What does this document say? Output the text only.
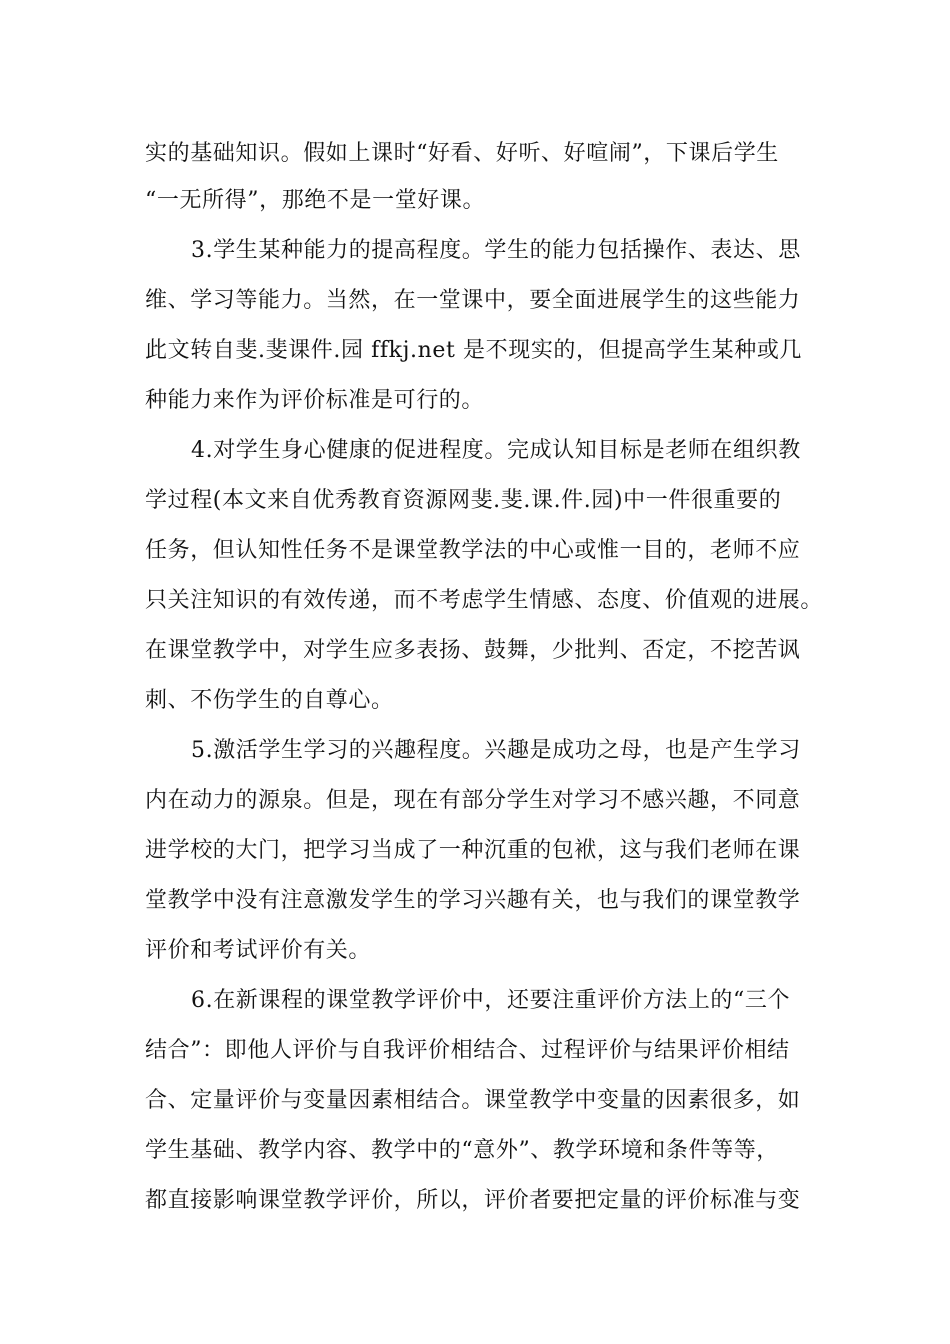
实的基础知识。假如上课时“好看、好听、好喧闹”，下课后学生
“一无所得”，那绝不是一堂好课。
3.学生某种能力的提高程度。学生的能力包括操作、表达、思
维、学习等能力。当然，在一堂课中，要全面进展学生的这些能力
此文转自斐.斐课件.园 ffkj.net 是不现实的，但提高学生某种或几
种能力来作为评价标准是可行的。
4.对学生身心健康的促进程度。完成认知目标是老师在组织教
学过程(本文来自优秀教育资源网斐.斐.课.件.园)中一件很重要的
任务，但认知性任务不是课堂教学法的中心或惟一目的，老师不应
只关注知识的有效传递，而不考虑学生情感、态度、价值观的进展。
在课堂教学中，对学生应多表扬、鼓舞，少批判、否定，不挖苦讽
刺、不伤学生的自尊心。
5.激活学生学习的兴趣程度。兴趣是成功之母，也是产生学习
内在动力的源泉。但是，现在有部分学生对学习不感兴趣，不同意
进学校的大门，把学习当成了一种沉重的包袱，这与我们老师在课
堂教学中没有注意激发学生的学习兴趣有关，也与我们的课堂教学
评价和考试评价有关。
6.在新课程的课堂教学评价中，还要注重评价方法上的“三个
结合”：即他人评价与自我评价相结合、过程评价与结果评价相结
合、定量评价与变量因素相结合。课堂教学中变量的因素很多，如
学生基础、教学内容、教学中的“意外”、教学环境和条件等等，
都直接影响课堂教学评价，所以，评价者要把定量的评价标准与变
